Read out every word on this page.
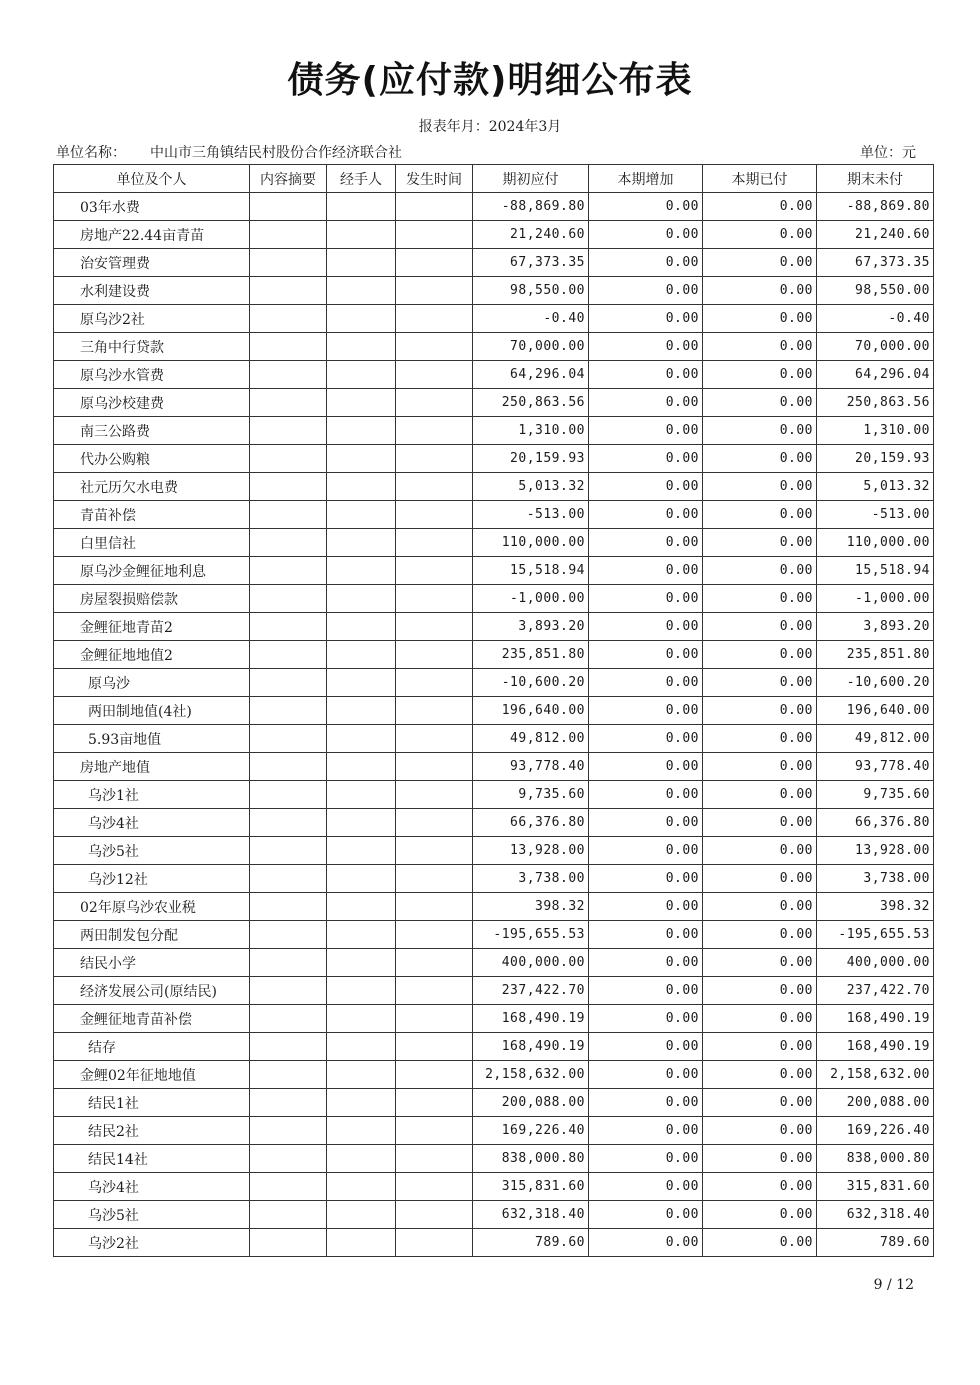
债务(应付款)明细公布表
报表年月：2024年3月
单位名称： 中山市三角镇结民村股份合作经济联合社	单位：元
单位及个人	内容摘要	经手人	发生时间	期初应付	本期增加	本期已付	期末未付
03年水费				-88,869.80	0.00	0.00	-88,869.80
房地产22.44亩青苗				21,240.60	0.00	0.00	21,240.60
治安管理费				67,373.35	0.00	0.00	67,373.35
水利建设费				98,550.00	0.00	0.00	98,550.00
原乌沙2社				-0.40	0.00	0.00	-0.40
三角中行贷款				70,000.00	0.00	0.00	70,000.00
原乌沙水管费				64,296.04	0.00	0.00	64,296.04
原乌沙校建费				250,863.56	0.00	0.00	250,863.56
南三公路费				1,310.00	0.00	0.00	1,310.00
代办公购粮				20,159.93	0.00	0.00	20,159.93
社元历欠水电费				5,013.32	0.00	0.00	5,013.32
青苗补偿				-513.00	0.00	0.00	-513.00
白里信社				110,000.00	0.00	0.00	110,000.00
原乌沙金鲤征地利息				15,518.94	0.00	0.00	15,518.94
房屋裂损赔偿款				-1,000.00	0.00	0.00	-1,000.00
金鲤征地青苗2				3,893.20	0.00	0.00	3,893.20
金鲤征地地值2				235,851.80	0.00	0.00	235,851.80
原乌沙				-10,600.20	0.00	0.00	-10,600.20
两田制地值(4社)				196,640.00	0.00	0.00	196,640.00
5.93亩地值				49,812.00	0.00	0.00	49,812.00
房地产地值				93,778.40	0.00	0.00	93,778.40
乌沙1社				9,735.60	0.00	0.00	9,735.60
乌沙4社				66,376.80	0.00	0.00	66,376.80
乌沙5社				13,928.00	0.00	0.00	13,928.00
乌沙12社				3,738.00	0.00	0.00	3,738.00
02年原乌沙农业税				398.32	0.00	0.00	398.32
两田制发包分配				-195,655.53	0.00	0.00	-195,655.53
结民小学				400,000.00	0.00	0.00	400,000.00
经济发展公司(原结民)				237,422.70	0.00	0.00	237,422.70
金鲤征地青苗补偿				168,490.19	0.00	0.00	168,490.19
结存				168,490.19	0.00	0.00	168,490.19
金鲤02年征地地值				2,158,632.00	0.00	0.00	2,158,632.00
结民1社				200,088.00	0.00	0.00	200,088.00
结民2社				169,226.40	0.00	0.00	169,226.40
结民14社				838,000.80	0.00	0.00	838,000.80
乌沙4社				315,831.60	0.00	0.00	315,831.60
乌沙5社				632,318.40	0.00	0.00	632,318.40
乌沙2社				789.60	0.00	0.00	789.60
9 / 12
